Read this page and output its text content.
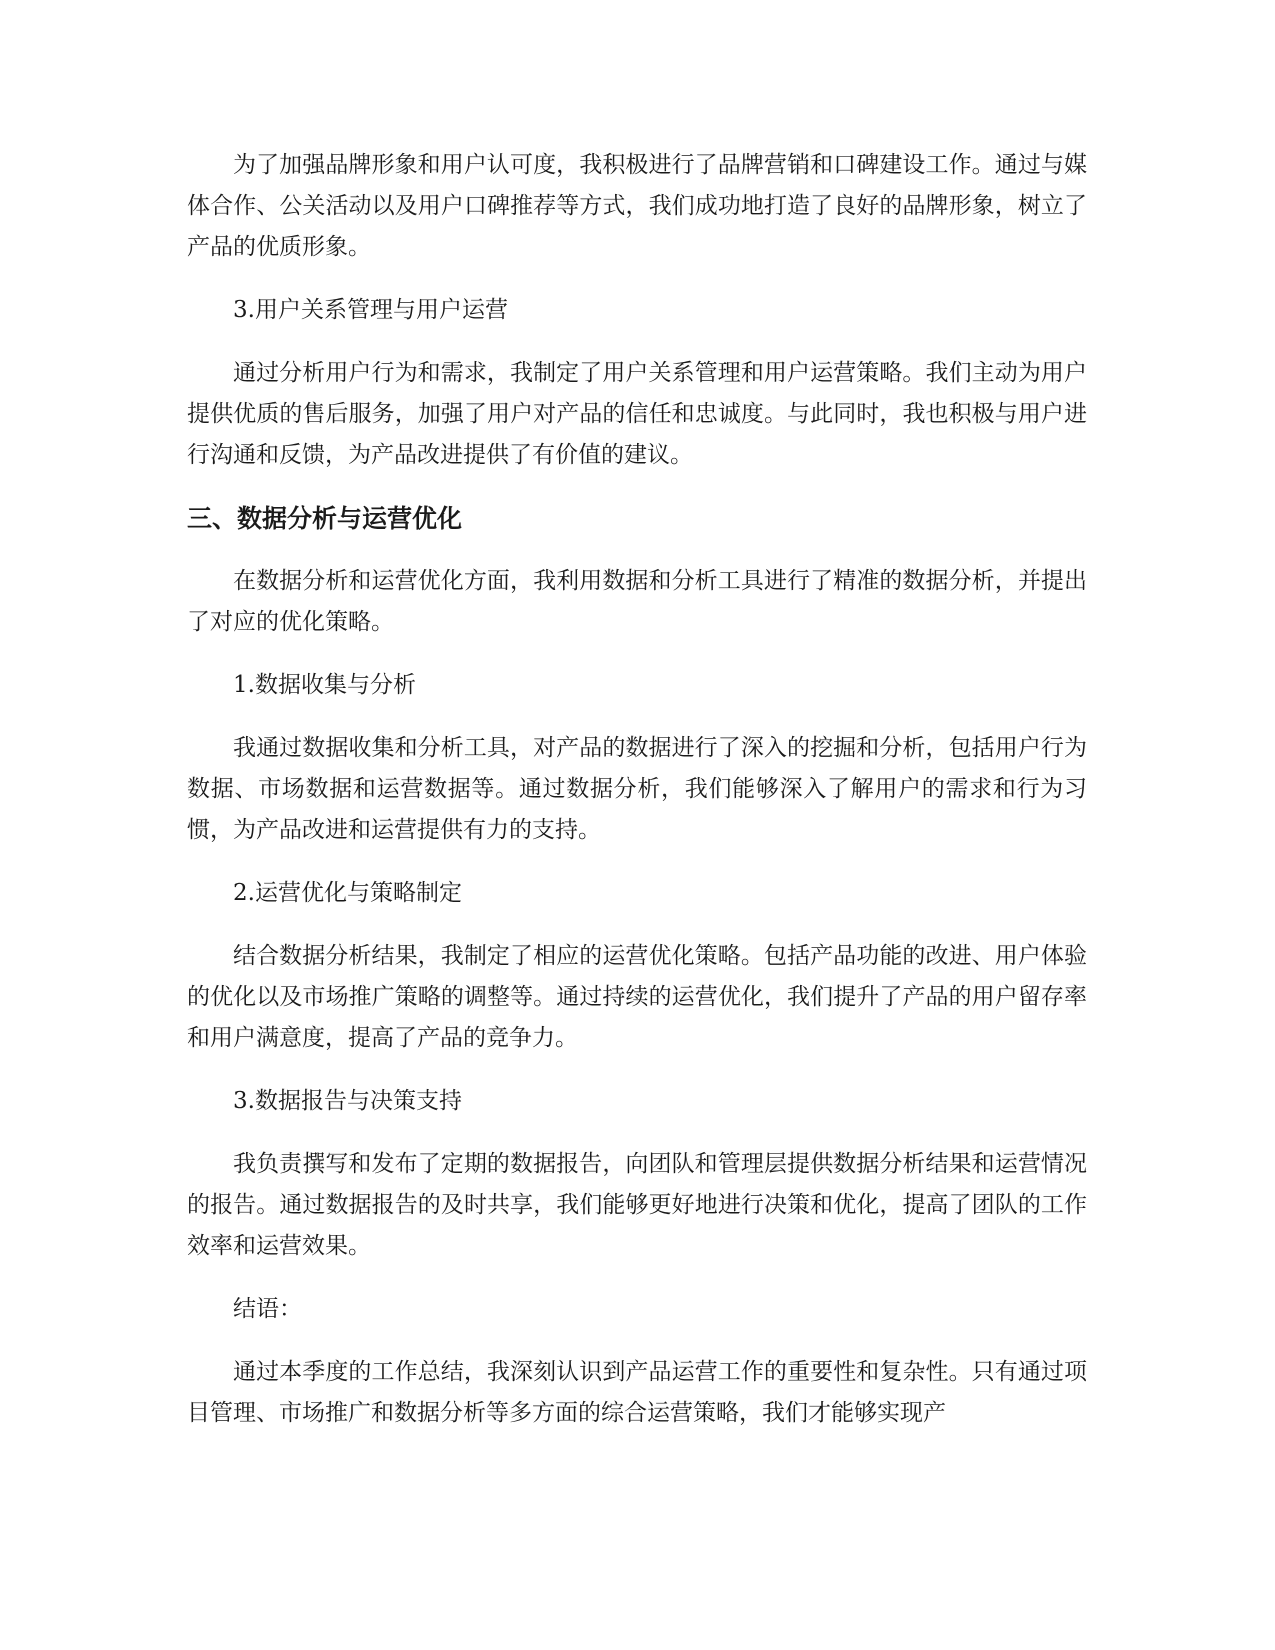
为了加强品牌形象和用户认可度，我积极进行了品牌营销和口碑建设工作。通过与媒体合作、公关活动以及用户口碑推荐等方式，我们成功地打造了良好的品牌形象，树立了产品的优质形象。

3.用户关系管理与用户运营

通过分析用户行为和需求，我制定了用户关系管理和用户运营策略。我们主动为用户提供优质的售后服务，加强了用户对产品的信任和忠诚度。与此同时，我也积极与用户进行沟通和反馈，为产品改进提供了有价值的建议。

三、数据分析与运营优化

在数据分析和运营优化方面，我利用数据和分析工具进行了精准的数据分析，并提出了对应的优化策略。

1.数据收集与分析

我通过数据收集和分析工具，对产品的数据进行了深入的挖掘和分析，包括用户行为数据、市场数据和运营数据等。通过数据分析，我们能够深入了解用户的需求和行为习惯，为产品改进和运营提供有力的支持。

2.运营优化与策略制定

结合数据分析结果，我制定了相应的运营优化策略。包括产品功能的改进、用户体验的优化以及市场推广策略的调整等。通过持续的运营优化，我们提升了产品的用户留存率和用户满意度，提高了产品的竞争力。

3.数据报告与决策支持

我负责撰写和发布了定期的数据报告，向团队和管理层提供数据分析结果和运营情况的报告。通过数据报告的及时共享，我们能够更好地进行决策和优化，提高了团队的工作效率和运营效果。

结语：

通过本季度的工作总结，我深刻认识到产品运营工作的重要性和复杂性。只有通过项目管理、市场推广和数据分析等多方面的综合运营策略，我们才能够实现产
